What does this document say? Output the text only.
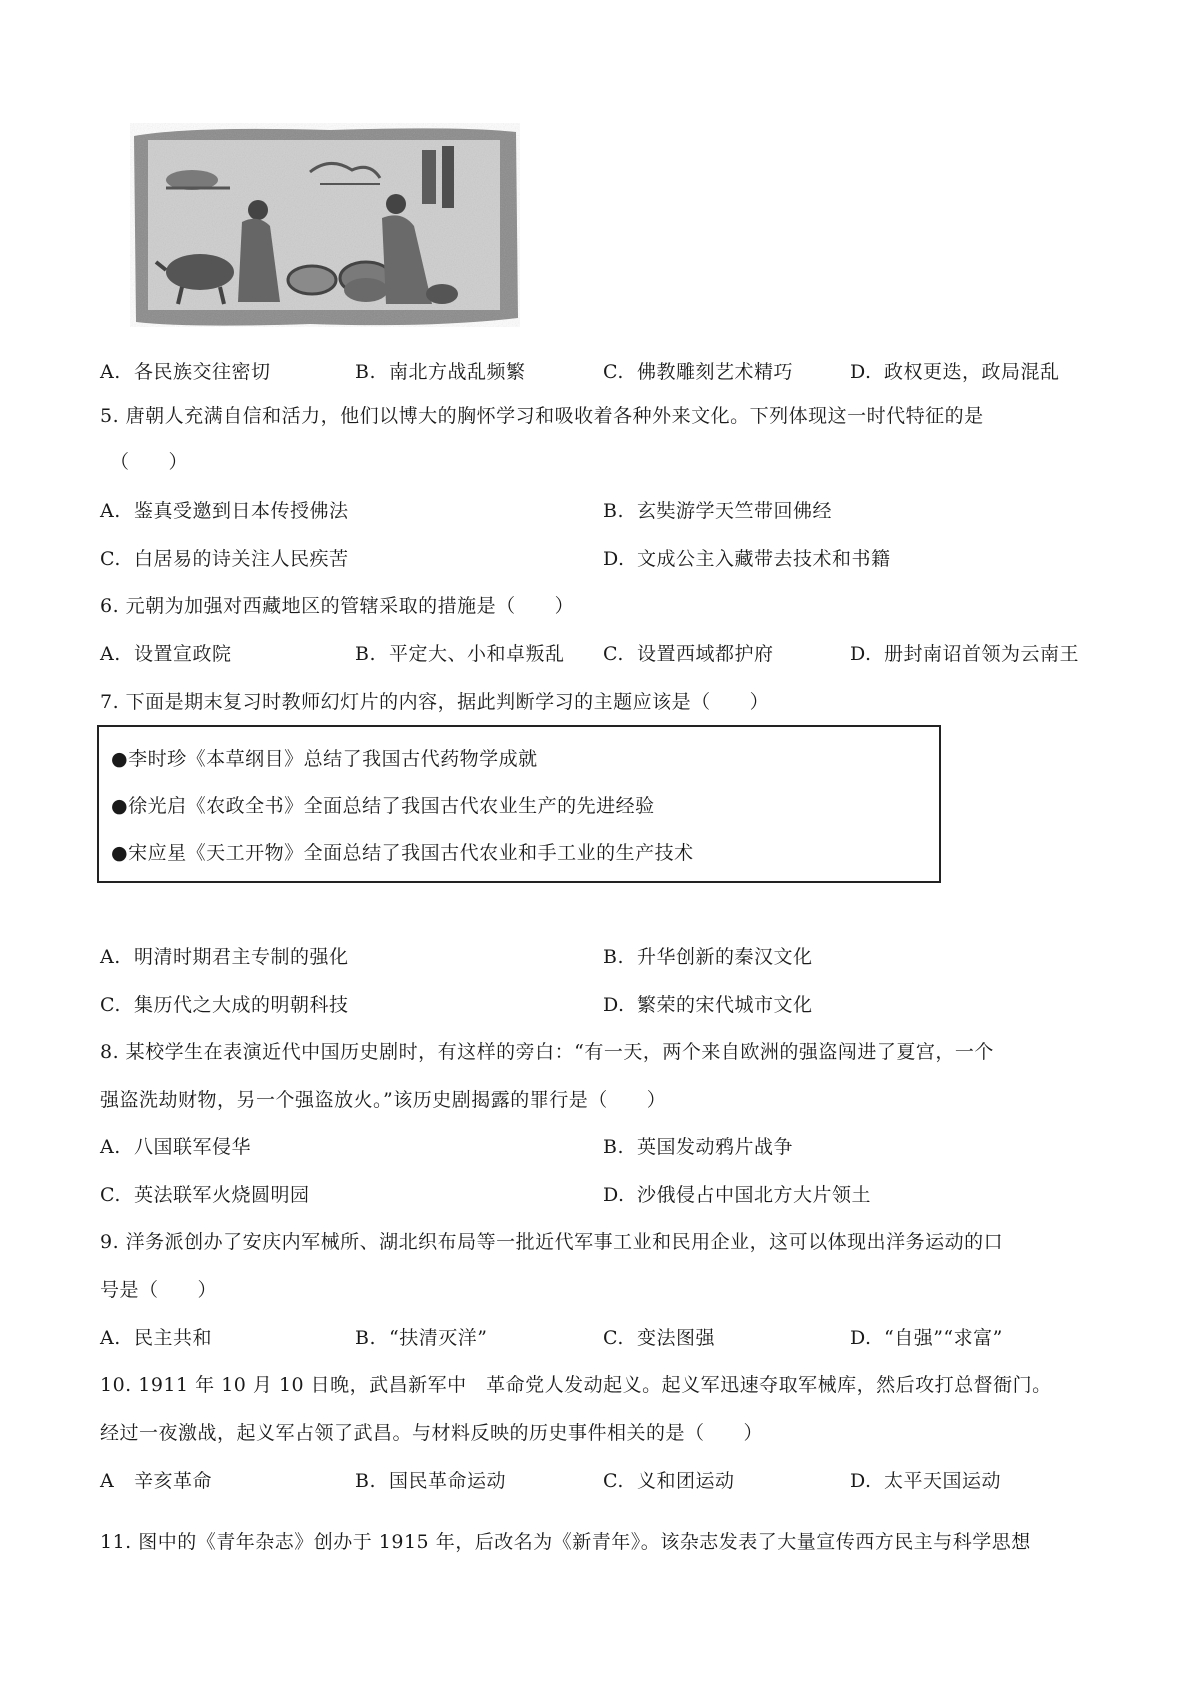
A. 各民族交往密切	B. 南北方战乱频繁	C. 佛教雕刻艺术精巧	D. 政权更迭，政局混乱
5. 唐朝人充满自信和活力，他们以博大的胸怀学习和吸收着各种外来文化。下列体现这一时代特征的是
（　　）
A. 鉴真受邀到日本传授佛法	B. 玄奘游学天竺带回佛经
C. 白居易的诗关注人民疾苦	D. 文成公主入藏带去技术和书籍
6. 元朝为加强对西藏地区的管辖采取的措施是（　　）
A. 设置宣政院	B. 平定大、小和卓叛乱 C. 设置西域都护府	D. 册封南诏首领为云南王
7. 下面是期末复习时教师幻灯片的内容，据此判断学习的主题应该是（　　）
●李时珍《本草纲目》总结了我国古代药物学成就
●徐光启《农政全书》全面总结了我国古代农业生产的先进经验
●宋应星《天工开物》全面总结了我国古代农业和手工业的生产技术
A. 明清时期君主专制的强化	B. 升华创新的秦汉文化
C. 集历代之大成的明朝科技	D. 繁荣的宋代城市文化
8. 某校学生在表演近代中国历史剧时，有这样的旁白：“有一天，两个来自欧洲的强盗闯进了夏宫，一个
强盗洗劫财物，另一个强盗放火。”该历史剧揭露的罪行是（　　）
A. 八国联军侵华	B. 英国发动鸦片战争
C. 英法联军火烧圆明园	D. 沙俄侵占中国北方大片领土
9. 洋务派创办了安庆内军械所、湖北织布局等一批近代军事工业和民用企业，这可以体现出洋务运动的口
号是（　　）
A. 民主共和	B. “扶清灭洋”	C. 变法图强	D. “自强”“求富”
10. 1911 年 10 月 10 日晚，武昌新军中　革命党人发动起义。起义军迅速夺取军械库，然后攻打总督衙门。
经过一夜激战，起义军占领了武昌。与材料反映的历史事件相关的是（　　）
A 辛亥革命	B. 国民革命运动	C. 义和团运动	D. 太平天国运动
11. 图中的《青年杂志》创办于 1915 年，后改名为《新青年》。该杂志发表了大量宣传西方民主与科学思想
